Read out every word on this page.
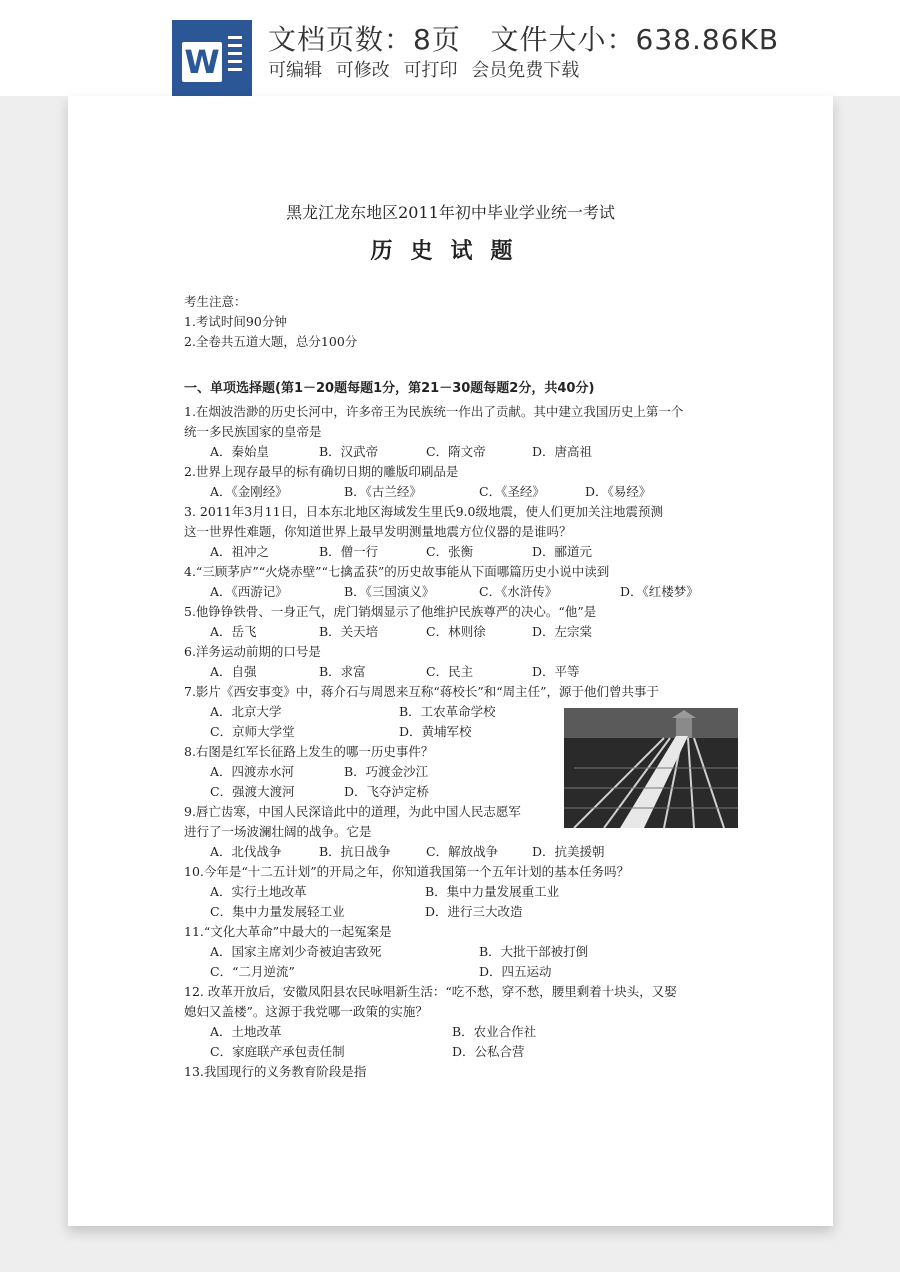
W
文档页数：8页 文件大小：638.86KB
可编辑 可修改 可打印 会员免费下载
黑龙江龙东地区2011年初中毕业学业统一考试
历史试题
考生注意：
1.考试时间90分钟
2.全卷共五道大题，总分100分
一、单项选择题(第1－20题每题1分，第21－30题每题2分，共40分)
1.在烟波浩渺的历史长河中，许多帝王为民族统一作出了贡献。其中建立我国历史上第一个
统一多民族国家的皇帝是
A．秦始皇	B．汉武帝	C．隋文帝	D．唐高祖
2.世界上现存最早的标有确切日期的雕版印刷品是
A．《金刚经》	B．《古兰经》	C．《圣经》	D．《易经》
3. 2011年3月11日，日本东北地区海域发生里氏9.0级地震，使人们更加关注地震预测
这一世界性难题，你知道世界上最早发明测量地震方位仪器的是谁吗？
A．祖冲之	B．僧一行	C．张衡	D．郦道元
4.“三顾茅庐”“火烧赤壁”“七擒孟获”的历史故事能从下面哪篇历史小说中读到
A．《西游记》	B．《三国演义》	C．《水浒传》	D．《红楼梦》
5.他铮铮铁骨、一身正气，虎门销烟显示了他维护民族尊严的决心。“他”是
A．岳飞	B．关天培	C．林则徐	D．左宗棠
6.洋务运动前期的口号是
A．自强	B．求富	C．民主	D．平等
7.影片《西安事变》中，蒋介石与周恩来互称“蒋校长”和“周主任”，源于他们曾共事于
A．北京大学	B．工农革命学校
C．京师大学堂	D．黄埔军校
8.右图是红军长征路上发生的哪一历史事件？
A．四渡赤水河	B．巧渡金沙江
C．强渡大渡河	D．飞夺泸定桥
9.唇亡齿寒，中国人民深谙此中的道理，为此中国人民志愿军
进行了一场波澜壮阔的战争。它是
A．北伐战争	B．抗日战争	C．解放战争	D．抗美援朝
10.今年是“十二五计划”的开局之年，你知道我国第一个五年计划的基本任务吗？
A．实行土地改革	B．集中力量发展重工业
C．集中力量发展轻工业	D．进行三大改造
11.“文化大革命”中最大的一起冤案是
A．国家主席刘少奇被迫害致死	B．大批干部被打倒
C．“二月逆流”	D．四五运动
12. 改革开放后，安徽凤阳县农民咏唱新生活：“吃不愁，穿不愁，腰里剩着十块头，又娶
媳妇又盖楼”。这源于我党哪一政策的实施？
A．土地改革	B．农业合作社
C．家庭联产承包责任制	D．公私合营
13.我国现行的义务教育阶段是指
